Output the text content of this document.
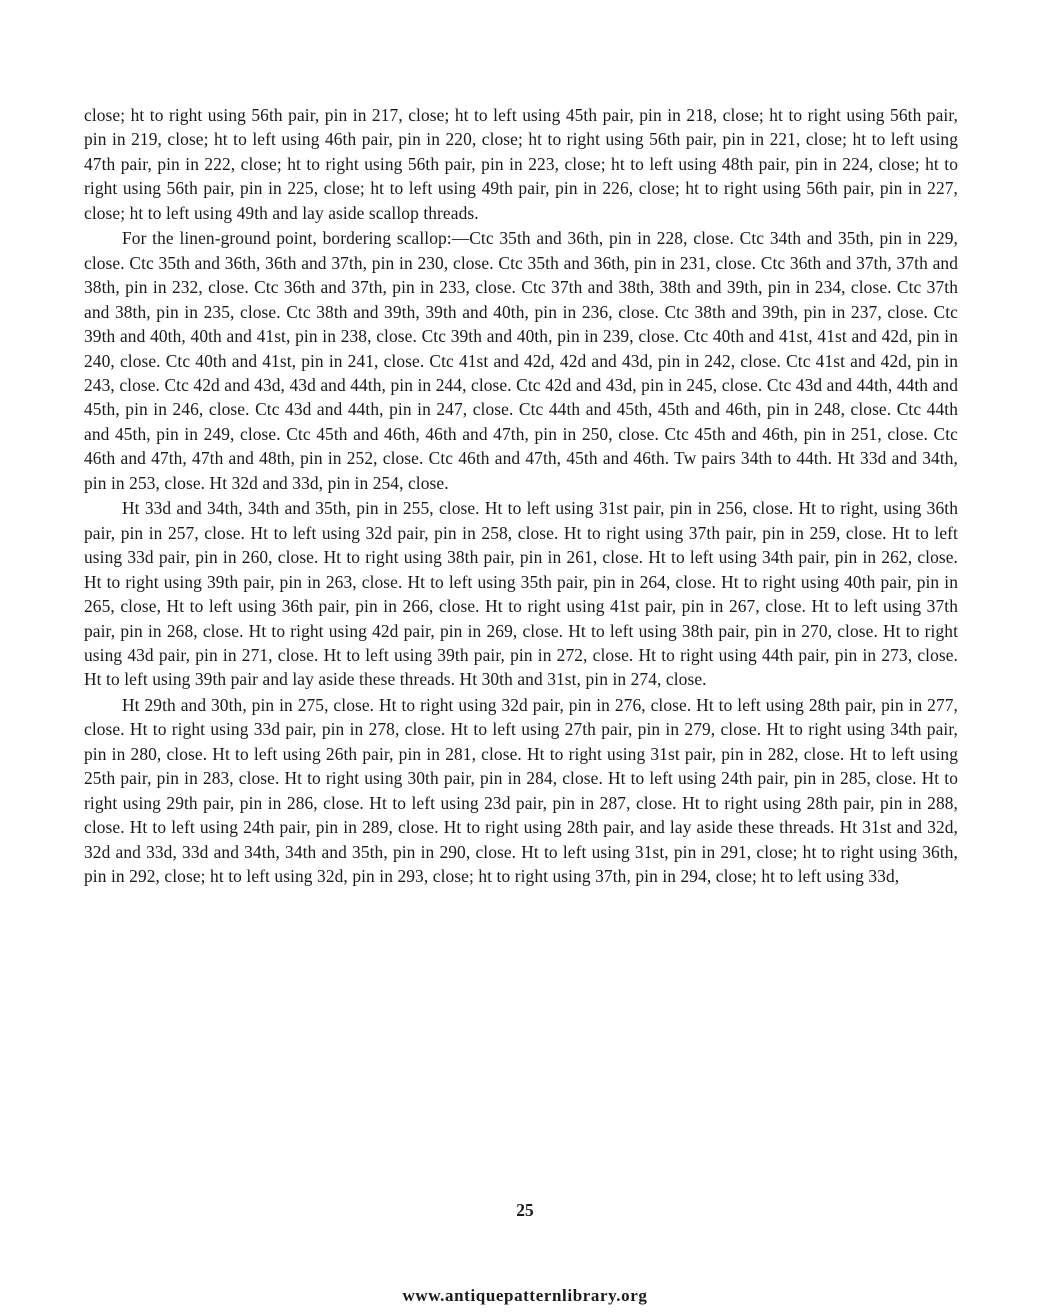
close; ht to right using 56th pair, pin in 217, close; ht to left using 45th pair, pin in 218, close; ht to right using 56th pair, pin in 219, close; ht to left using 46th pair, pin in 220, close; ht to right using 56th pair, pin in 221, close; ht to left using 47th pair, pin in 222, close; ht to right using 56th pair, pin in 223, close; ht to left using 48th pair, pin in 224, close; ht to right using 56th pair, pin in 225, close; ht to left using 49th pair, pin in 226, close; ht to right using 56th pair, pin in 227, close; ht to left using 49th and lay aside scallop threads.

For the linen-ground point, bordering scallop:—Ctc 35th and 36th, pin in 228, close. Ctc 34th and 35th, pin in 229, close. Ctc 35th and 36th, 36th and 37th, pin in 230, close. Ctc 35th and 36th, pin in 231, close. Ctc 36th and 37th, 37th and 38th, pin in 232, close. Ctc 36th and 37th, pin in 233, close. Ctc 37th and 38th, 38th and 39th, pin in 234, close. Ctc 37th and 38th, pin in 235, close. Ctc 38th and 39th, 39th and 40th, pin in 236, close. Ctc 38th and 39th, pin in 237, close. Ctc 39th and 40th, 40th and 41st, pin in 238, close. Ctc 39th and 40th, pin in 239, close. Ctc 40th and 41st, 41st and 42d, pin in 240, close. Ctc 40th and 41st, pin in 241, close. Ctc 41st and 42d, 42d and 43d, pin in 242, close. Ctc 41st and 42d, pin in 243, close. Ctc 42d and 43d, 43d and 44th, pin in 244, close. Ctc 42d and 43d, pin in 245, close. Ctc 43d and 44th, 44th and 45th, pin in 246, close. Ctc 43d and 44th, pin in 247, close. Ctc 44th and 45th, 45th and 46th, pin in 248, close. Ctc 44th and 45th, pin in 249, close. Ctc 45th and 46th, 46th and 47th, pin in 250, close. Ctc 45th and 46th, pin in 251, close. Ctc 46th and 47th, 47th and 48th, pin in 252, close. Ctc 46th and 47th, 45th and 46th. Tw pairs 34th to 44th. Ht 33d and 34th, pin in 253, close. Ht 32d and 33d, pin in 254, close.

Ht 33d and 34th, 34th and 35th, pin in 255, close. Ht to left using 31st pair, pin in 256, close. Ht to right, using 36th pair, pin in 257, close. Ht to left using 32d pair, pin in 258, close. Ht to right using 37th pair, pin in 259, close. Ht to left using 33d pair, pin in 260, close. Ht to right using 38th pair, pin in 261, close. Ht to left using 34th pair, pin in 262, close. Ht to right using 39th pair, pin in 263, close. Ht to left using 35th pair, pin in 264, close. Ht to right using 40th pair, pin in 265, close, Ht to left using 36th pair, pin in 266, close. Ht to right using 41st pair, pin in 267, close. Ht to left using 37th pair, pin in 268, close. Ht to right using 42d pair, pin in 269, close. Ht to left using 38th pair, pin in 270, close. Ht to right using 43d pair, pin in 271, close. Ht to left using 39th pair, pin in 272, close. Ht to right using 44th pair, pin in 273, close. Ht to left using 39th pair and lay aside these threads. Ht 30th and 31st, pin in 274, close.

Ht 29th and 30th, pin in 275, close. Ht to right using 32d pair, pin in 276, close. Ht to left using 28th pair, pin in 277, close. Ht to right using 33d pair, pin in 278, close. Ht to left using 27th pair, pin in 279, close. Ht to right using 34th pair, pin in 280, close. Ht to left using 26th pair, pin in 281, close. Ht to right using 31st pair, pin in 282, close. Ht to left using 25th pair, pin in 283, close. Ht to right using 30th pair, pin in 284, close. Ht to left using 24th pair, pin in 285, close. Ht to right using 29th pair, pin in 286, close. Ht to left using 23d pair, pin in 287, close. Ht to right using 28th pair, pin in 288, close. Ht to left using 24th pair, pin in 289, close. Ht to right using 28th pair, and lay aside these threads. Ht 31st and 32d, 32d and 33d, 33d and 34th, 34th and 35th, pin in 290, close. Ht to left using 31st, pin in 291, close; ht to right using 36th, pin in 292, close; ht to left using 32d, pin in 293, close; ht to right using 37th, pin in 294, close; ht to left using 33d,

25
www.antiquepatternlibrary.org
